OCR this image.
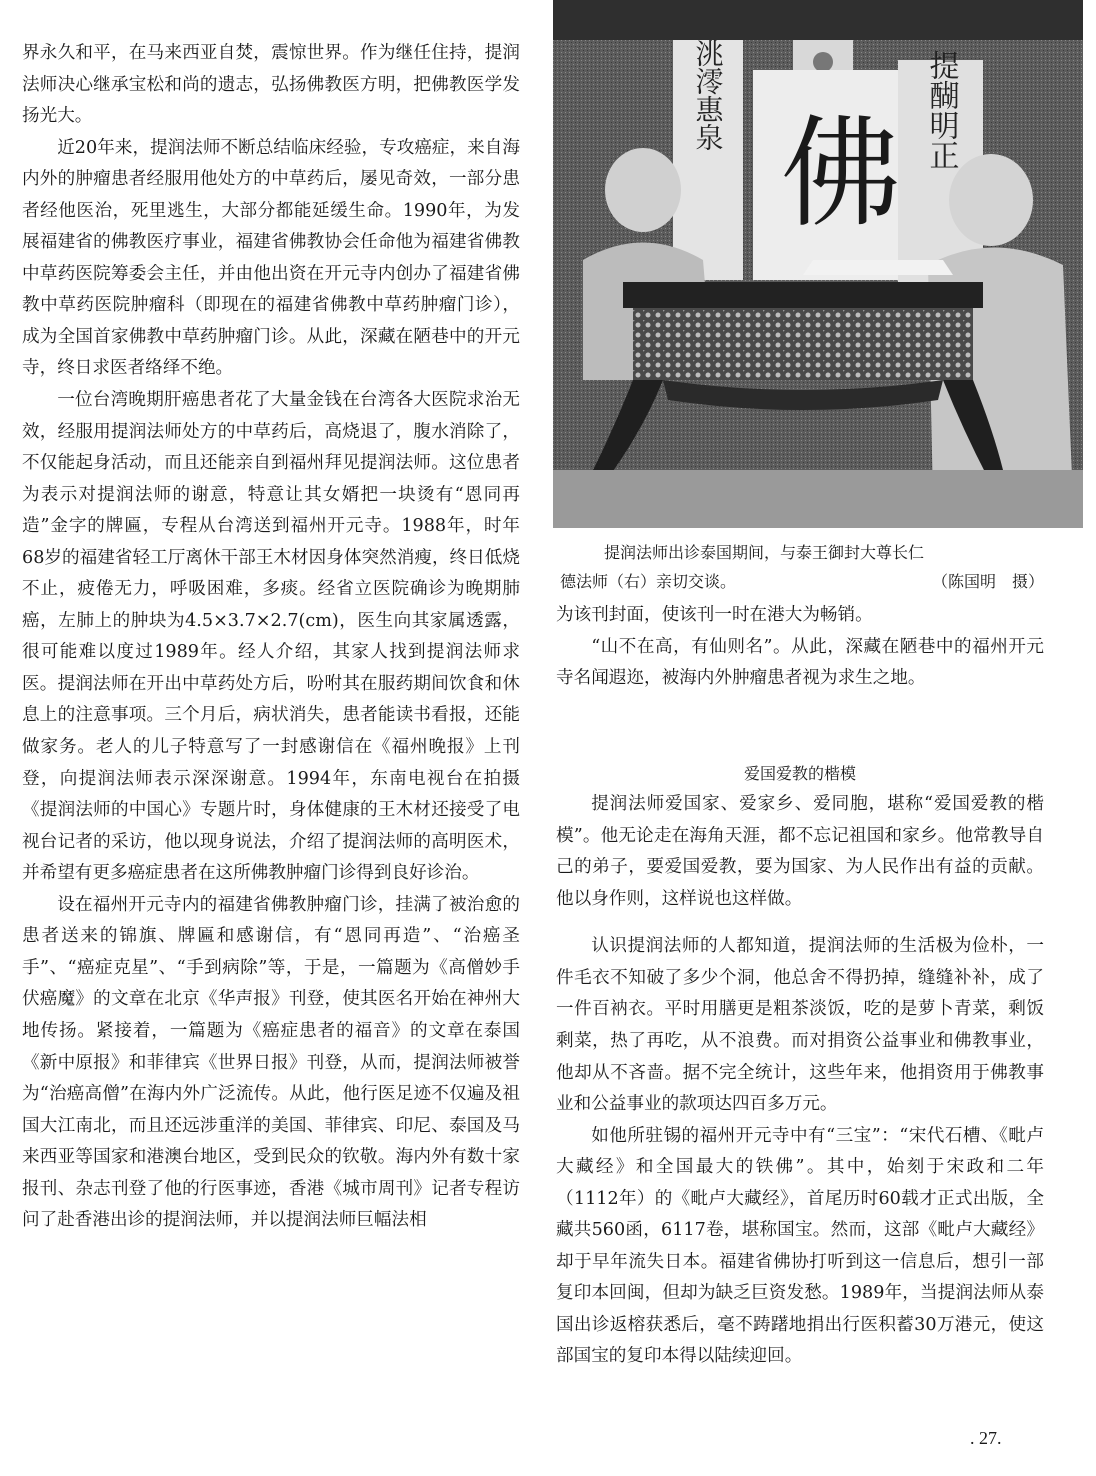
界永久和平，在马来西亚自焚，震惊世界。作为继任住持，提润法师决心继承宝松和尚的遗志，弘扬佛教医方明，把佛教医学发扬光大。

近20年来，提润法师不断总结临床经验，专攻癌症，来自海内外的肿瘤患者经服用他处方的中草药后，屡见奇效，一部分患者经他医治，死里逃生，大部分都能延缓生命。1990年，为发展福建省的佛教医疗事业，福建省佛教协会任命他为福建省佛教中草药医院筹委会主任，并由他出资在开元寺内创办了福建省佛教中草药医院肿瘤科（即现在的福建省佛教中草药肿瘤门诊），成为全国首家佛教中草药肿瘤门诊。从此，深藏在陋巷中的开元寺，终日求医者络绎不绝。

一位台湾晚期肝癌患者花了大量金钱在台湾各大医院求治无效，经服用提润法师处方的中草药后，高烧退了，腹水消除了，不仅能起身活动，而且还能亲自到福州拜见提润法师。这位患者为表示对提润法师的谢意，特意让其女婿把一块烫有“恩同再造”金字的牌匾，专程从台湾送到福州开元寺。1988年，时年68岁的福建省轻工厅离休干部王木材因身体突然消瘦，终日低烧不止，疲倦无力，呼吸困难，多痰。经省立医院确诊为晚期肺癌，左肺上的肿块为4.5×3.7×2.7(cm)，医生向其家属透露，很可能难以度过1989年。经人介绍，其家人找到提润法师求医。提润法师在开出中草药处方后，吩咐其在服药期间饮食和休息上的注意事项。三个月后，病状消失，患者能读书看报，还能做家务。老人的儿子特意写了一封感谢信在《福州晚报》上刊登，向提润法师表示深深谢意。1994年，东南电视台在拍摄《提润法师的中国心》专题片时，身体健康的王木材还接受了电视台记者的采访，他以现身说法，介绍了提润法师的高明医术，并希望有更多癌症患者在这所佛教肿瘤门诊得到良好诊治。

设在福州开元寺内的福建省佛教肿瘤门诊，挂满了被治愈的患者送来的锦旗、牌匾和感谢信，有“恩同再造”、“治癌圣手”、“癌症克星”、“手到病除”等，于是，一篇题为《高僧妙手伏癌魔》的文章在北京《华声报》刊登，使其医名开始在神州大地传扬。紧接着，一篇题为《癌症患者的福音》的文章在泰国《新中原报》和菲律宾《世界日报》刊登，从而，提润法师被誉为“治癌高僧”在海内外广泛流传。从此，他行医足迹不仅遍及祖国大江南北，而且还远涉重洋的美国、菲律宾、印尼、泰国及马来西亚等国家和港澳台地区，受到民众的钦敬。海内外有数十家报刊、杂志刊登了他的行医事迹，香港《城市周刊》记者专程访问了赴香港出诊的提润法师，并以提润法师巨幅法相

佛
洮澪惠泉	提醐明正
提润法师出诊泰国期间，与泰王御封大尊长仁
德法师（右）亲切交谈。	（陈国明　摄）

为该刊封面，使该刊一时在港大为畅销。

“山不在高，有仙则名”。从此，深藏在陋巷中的福州开元寺名闻遐迩，被海内外肿瘤患者视为求生之地。

爱国爱教的楷模

提润法师爱国家、爱家乡、爱同胞，堪称“爱国爱教的楷模”。他无论走在海角天涯，都不忘记祖国和家乡。他常教导自己的弟子，要爱国爱教，要为国家、为人民作出有益的贡献。他以身作则，这样说也这样做。

认识提润法师的人都知道，提润法师的生活极为俭朴，一件毛衣不知破了多少个洞，他总舍不得扔掉，缝缝补补，成了一件百衲衣。平时用膳更是粗茶淡饭，吃的是萝卜青菜，剩饭剩菜，热了再吃，从不浪费。而对捐资公益事业和佛教事业，他却从不吝啬。据不完全统计，这些年来，他捐资用于佛教事业和公益事业的款项达四百多万元。

如他所驻锡的福州开元寺中有“三宝”：“宋代石槽、《毗卢大藏经》和全国最大的铁佛”。其中，始刻于宋政和二年（1112年）的《毗卢大藏经》，首尾历时60载才正式出版，全藏共560函，6117卷，堪称国宝。然而，这部《毗卢大藏经》却于早年流失日本。福建省佛协打听到这一信息后，想引一部复印本回闽，但却为缺乏巨资发愁。1989年，当提润法师从泰国出诊返榕获悉后，毫不踌躇地捐出行医积蓄30万港元，使这部国宝的复印本得以陆续迎回。

. 27.
